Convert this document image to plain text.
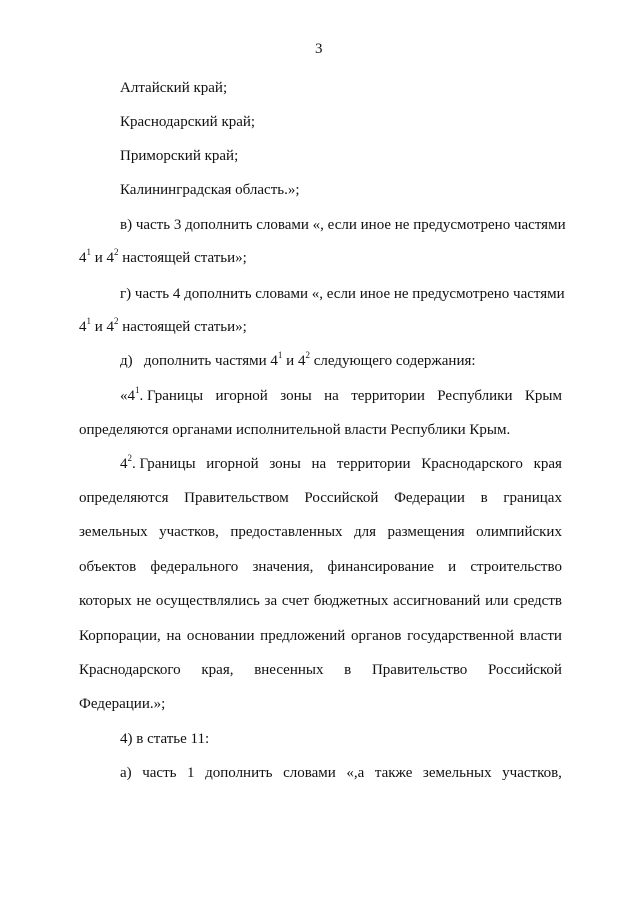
3
Алтайский край;
Краснодарский край;
Приморский край;
Калининградская область.»;
в) часть 3 дополнить словами «, если иное не предусмотрено частями
$4^1$ и $4^2$ настоящей статьи»;
г) часть 4 дополнить словами «, если иное не предусмотрено частями
$4^1$ и $4^2$ настоящей статьи»;
д)   дополнить частями $4^1$ и $4^2$ следующего содержания:
«$4^1$. Границы игорной зоны на территории Республики Крым
определяются органами исполнительной власти Республики Крым.
$4^2$. Границы игорной зоны на территории Краснодарского края
определяются Правительством Российской Федерации в границах
земельных участков, предоставленных для размещения олимпийских
объектов федерального значения, финансирование и строительство
которых не осуществлялись за счет бюджетных ассигнований или средств
Корпорации, на основании предложений органов государственной власти
Краснодарского края, внесенных в Правительство Российской
Федерации.»;
4) в статье 11:
а) часть 1 дополнить словами «,а также земельных участков,
